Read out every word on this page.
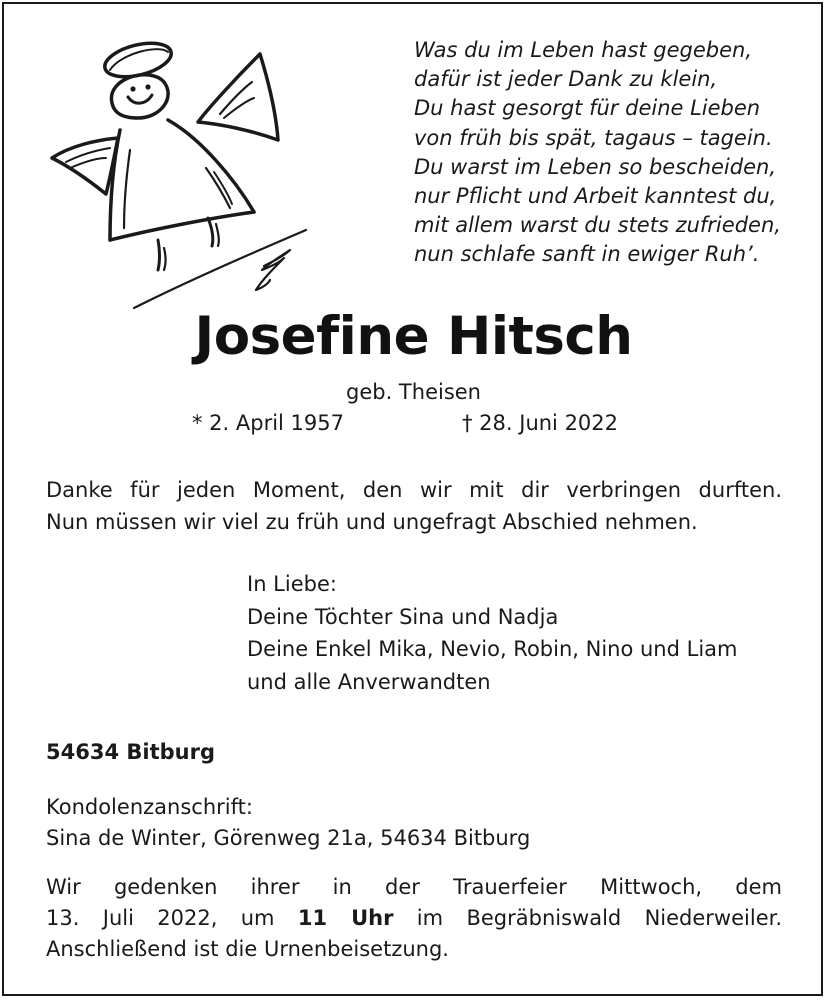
Was du im Leben hast gegeben,
dafür ist jeder Dank zu klein,
Du hast gesorgt für deine Lieben
von früh bis spät, tagaus – tagein.
Du warst im Leben so bescheiden,
nur Pflicht und Arbeit kanntest du,
mit allem warst du stets zufrieden,
nun schlafe sanft in ewiger Ruh’.
Josefine Hitsch
geb. Theisen
* 2. April 1957	† 28. Juni 2022
Danke für jeden Moment, den wir mit dir verbringen durften.
Nun müssen wir viel zu früh und ungefragt Abschied nehmen.
In Liebe:
Deine Töchter Sina und Nadja
Deine Enkel Mika, Nevio, Robin, Nino und Liam
und alle Anverwandten
54634 Bitburg
Kondolenzanschrift:
Sina de Winter, Görenweg 21a, 54634 Bitburg
Wir gedenken ihrer in der Trauerfeier Mittwoch, dem
13. Juli 2022, um 11 Uhr im Begräbniswald Niederweiler.
Anschließend ist die Urnenbeisetzung.
